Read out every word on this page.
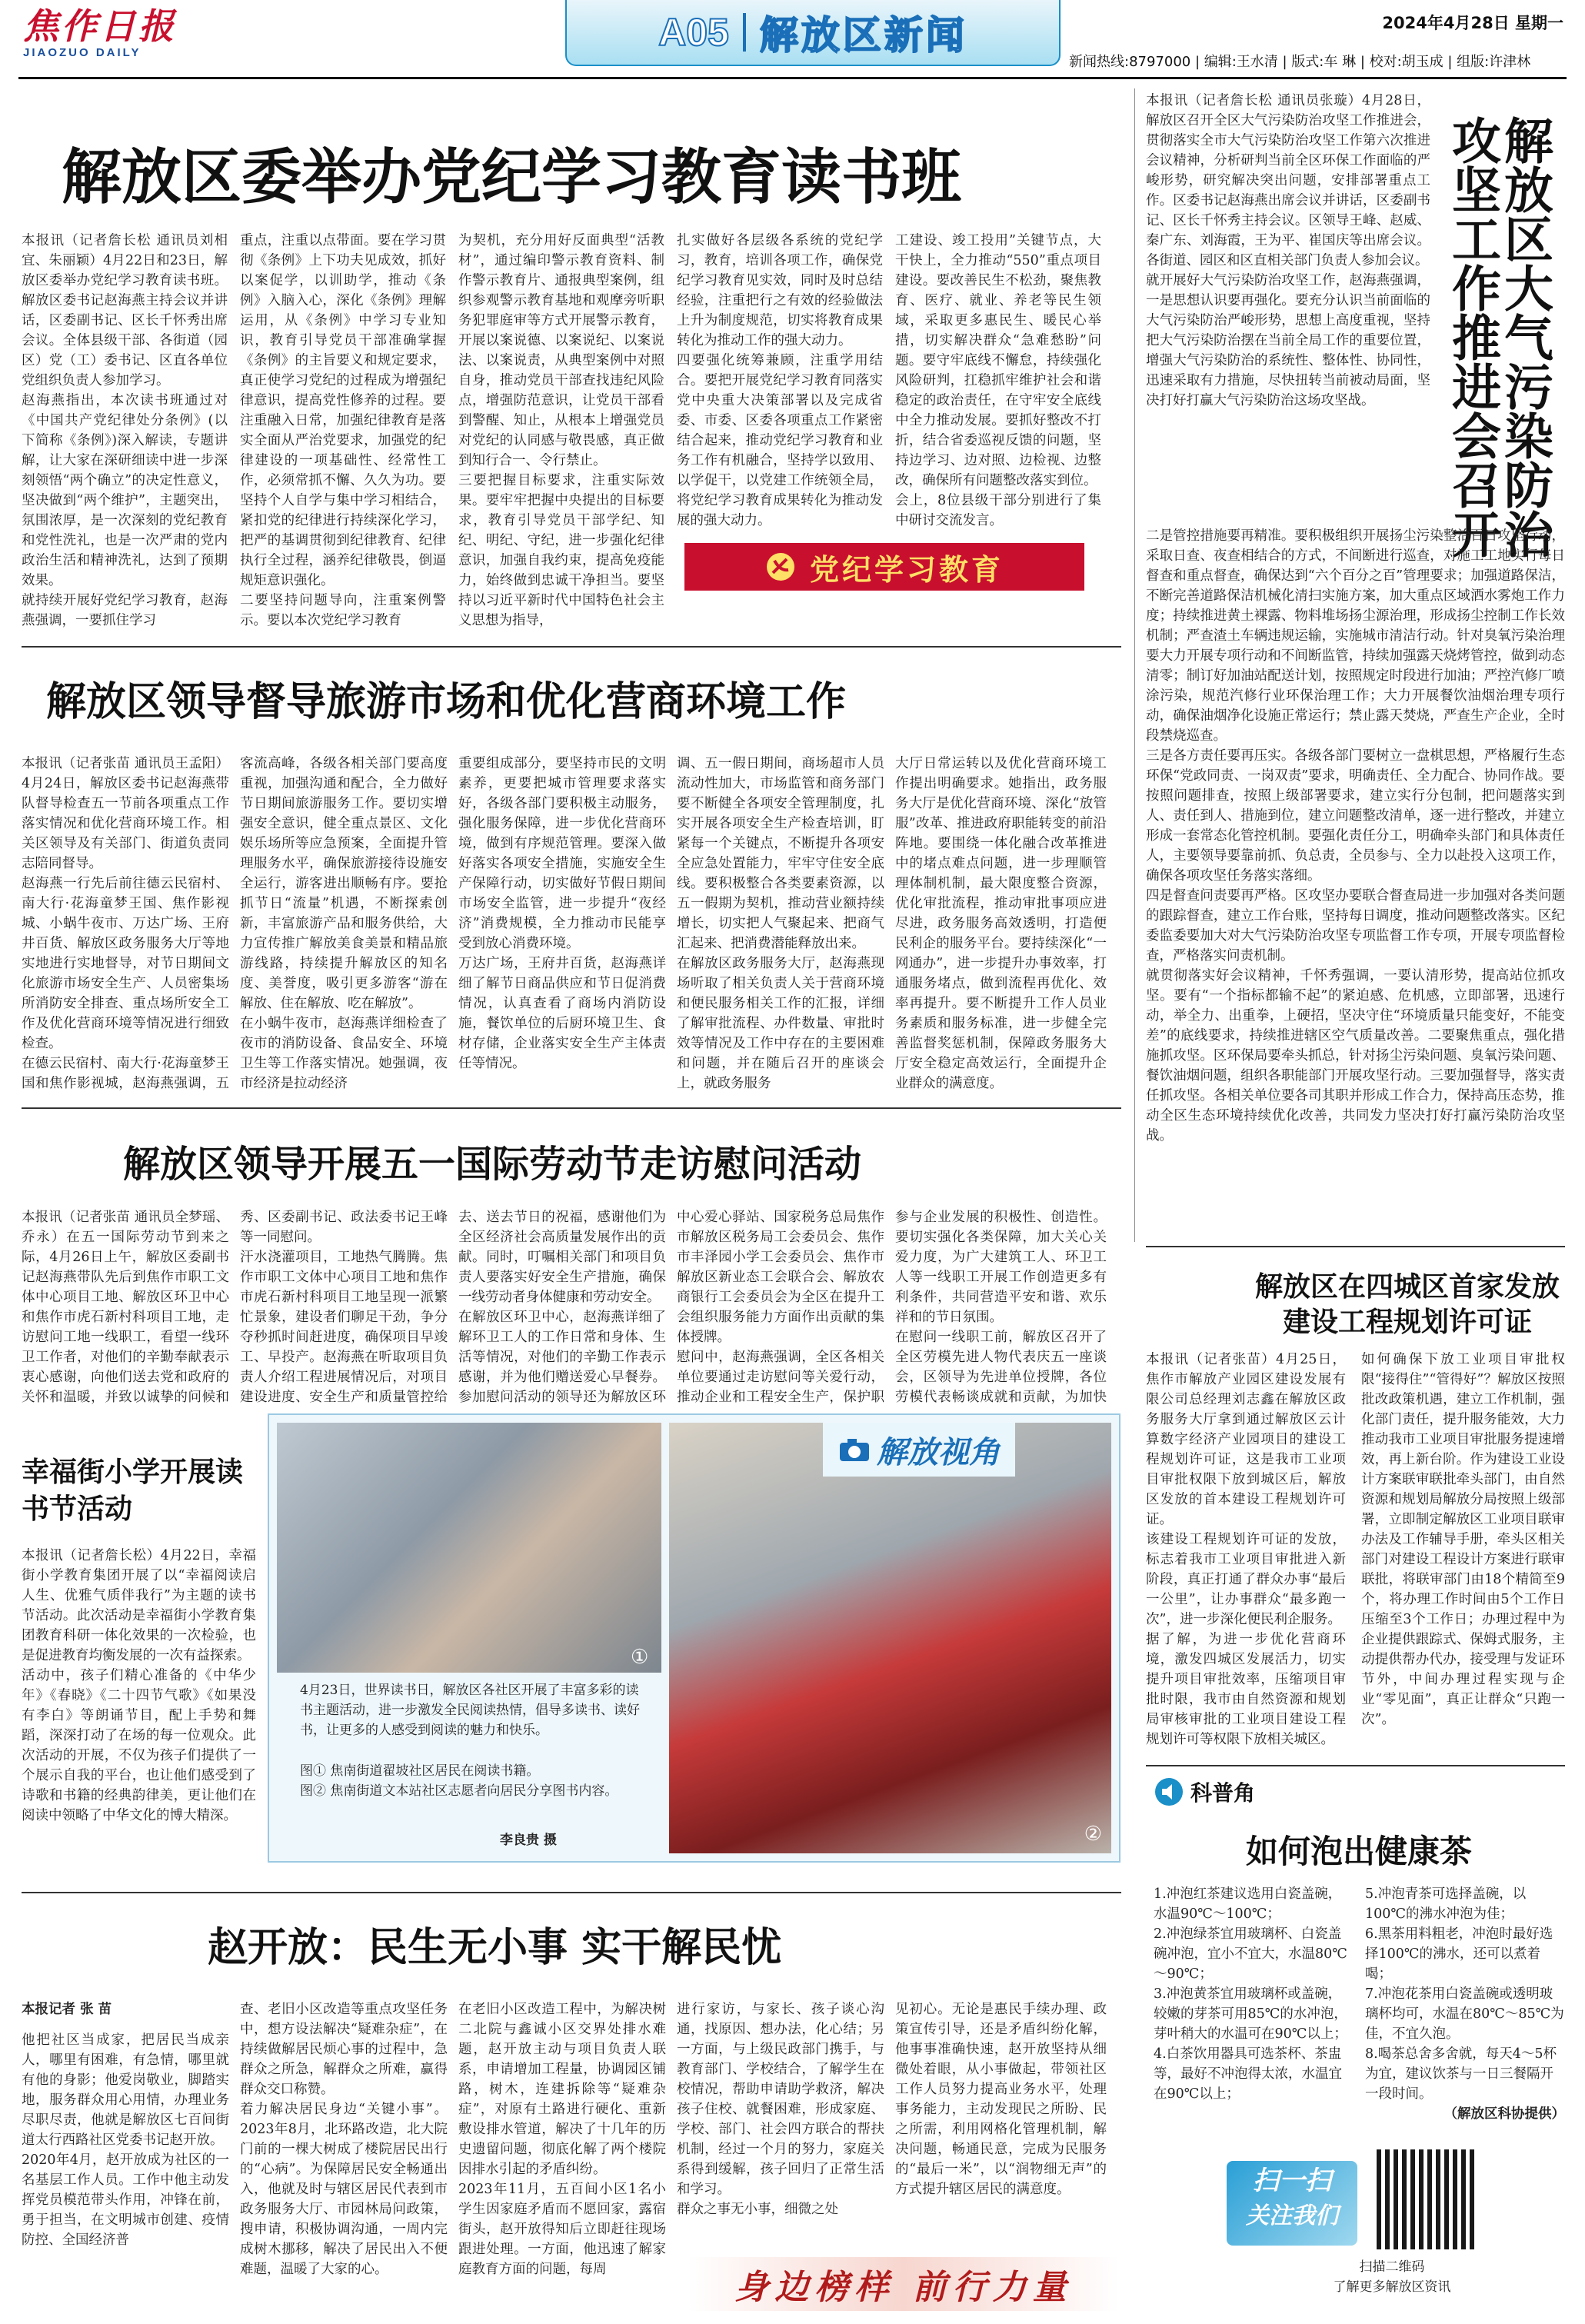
焦作日报
JIAOZUO DAILY	A05 解放区新闻	2024年4月28日 星期一
新闻热线:8797000 | 编辑:王水清 | 版式:车 琳 | 校对:胡玉成 | 组版:许津林
解放区委举办党纪学习教育读书班
本报讯（记者詹长松 通讯员刘相宜、朱丽颖）4月22日和23日，解放区委举办党纪学习教育读书班。解放区委书记赵海燕主持会议并讲话，区委副书记、区长千怀秀出席会议。全体县级干部、各街道（园区）党（工）委书记、区直各单位党组织负责人参加学习。
赵海燕指出，本次读书班通过对《中国共产党纪律处分条例》(以下简称《条例》)深入解读，专题讲解，让大家在深研细读中进一步深刻领悟“两个确立”的决定性意义，坚决做到“两个维护”，主题突出，氛围浓厚，是一次深刻的党纪教育和党性洗礼，也是一次严肃的党内政治生活和精神洗礼，达到了预期效果。
就持续开展好党纪学习教育，赵海燕强调，一要抓住学习
重点，注重以点带面。要在学习贯彻《条例》上下功夫见成效，抓好以案促学，以训助学，推动《条例》入脑入心，深化《条例》理解运用，从《条例》中学习专业知识，教育引导党员干部准确掌握《条例》的主旨要义和规定要求，真正使学习党纪的过程成为增强纪律意识，提高党性修养的过程。要注重融入日常，加强纪律教育是落实全面从严治党要求，加强党的纪律建设的一项基础性、经常性工作，必须常抓不懈、久久为功。要坚持个人自学与集中学习相结合，紧扣党的纪律进行持续深化学习，把严的基调贯彻到纪律教育、纪律执行全过程，涵养纪律敬畏，倒逼规矩意识强化。
二要坚持问题导向，注重案例警示。要以本次党纪学习教育
为契机，充分用好反面典型“活教材”，通过编印警示教育资料、制作警示教育片、通报典型案例，组织参观警示教育基地和观摩旁听职务犯罪庭审等方式开展警示教育，开展以案说德、以案说纪、以案说法、以案说责，从典型案例中对照自身，推动党员干部查找违纪风险点，增强防范意识，让党员干部看到警醒、知止，从根本上增强党员对党纪的认同感与敬畏感，真正做到知行合一、令行禁止。
三要把握目标要求，注重实际效果。要牢牢把握中央提出的目标要求，教育引导党员干部学纪、知纪、明纪、守纪，进一步强化纪律意识，加强自我约束，提高免疫能力，始终做到忠诚干净担当。要坚持以习近平新时代中国特色社会主义思想为指导，
扎实做好各层级各系统的党纪学习，教育，培训各项工作，确保党纪学习教育见实效，同时及时总结经验，注重把行之有效的经验做法上升为制度规范，切实将教育成果转化为推动工作的强大动力。
四要强化统筹兼顾，注重学用结合。要把开展党纪学习教育同落实党中央重大决策部署以及完成省委、市委、区委各项重点工作紧密结合起来，推动党纪学习教育和业务工作有机融合，坚持学以致用、以学促干，以党建工作统领全局，将党纪学习教育成果转化为推动发展的强大动力。
工建设、竣工投用”关键节点，大干快上，全力推动“550”重点项目建设。要改善民生不松劲，聚焦教育、医疗、就业、养老等民生领域，采取更多惠民生、暖民心举措，切实解决群众“急难愁盼”问题。要守牢底线不懈怠，持续强化风险研判，扛稳抓牢维护社会和谐稳定的政治责任，在守牢安全底线中全力推动发展。要抓好整改不打折，结合省委巡视反馈的问题，坚持边学习、边对照、边检视、边整改，确保所有问题整改落实到位。
会上，8位县级干部分别进行了集中研讨交流发言。
党纪学习教育
解放区大气污染防治攻坚工作推进会召开
本报讯（记者詹长松 通讯员张璇）4月28日，解放区召开全区大气污染防治攻坚工作推进会，贯彻落实全市大气污染防治攻坚工作第六次推进会议精神，分析研判当前全区环保工作面临的严峻形势，研究解决突出问题，安排部署重点工作。区委书记赵海燕出席会议并讲话，区委副书记、区长千怀秀主持会议。区领导王峰、赵威、秦广东、刘海霞，王为平、崔国庆等出席会议。各街道、园区和区直相关部门负责人参加会议。
就开展好大气污染防治攻坚工作，赵海燕强调，一是思想认识要再强化。要充分认识当前面临的大气污染防治严峻形势，思想上高度重视，坚持把大气污染防治摆在当前全局工作的重要位置，增强大气污染防治的系统性、整体性、协同性，迅速采取有力措施，尽快扭转当前被动局面，坚决打好打赢大气污染防治这场攻坚战。
二是管控措施要再精准。要积极组织开展扬尘污染整治百日攻坚行动，采取日查、夜查相结合的方式，不间断进行巡查，对施工工地实行每日督查和重点督查，确保达到“六个百分之百”管理要求；加强道路保洁，不断完善道路保洁机械化清扫实施方案，加大重点区域洒水雾炮工作力度；持续推进黄土裸露、物料堆场扬尘源治理，形成扬尘控制工作长效机制；严查渣土车辆违规运输，实施城市清洁行动。针对臭氧污染治理要大力开展专项行动和不间断监管，持续加强露天烧烤管控，做到动态清零；制订好加油站配送计划，按照规定时段进行加油；严控汽修厂喷涂污染，规范汽修行业环保治理工作；大力开展餐饮油烟治理专项行动，确保油烟净化设施正常运行；禁止露天焚烧，严查生产企业，全时段禁烧巡查。
三是各方责任要再压实。各级各部门要树立一盘棋思想，严格履行生态环保“党政同责、一岗双责”要求，明确责任、全力配合、协同作战。要按照问题排查，按照上级部署要求，建立实行分包制，把问题落实到人、责任到人、措施到位，建立问题整改清单，逐一进行整改，并建立形成一套常态化管控机制。要强化责任分工，明确牵头部门和具体责任人，主要领导要靠前抓、负总责，全员参与、全力以赴投入这项工作，确保各项攻坚任务落实落细。
四是督查问责要再严格。区攻坚办要联合督查局进一步加强对各类问题的跟踪督查，建立工作台账，坚持每日调度，推动问题整改落实。区纪委监委要加大对大气污染防治攻坚专项监督工作专项，开展专项监督检查，严格落实问责机制。
就贯彻落实好会议精神，千怀秀强调，一要认清形势，提高站位抓攻坚。要有“一个指标都输不起”的紧迫感、危机感，立即部署，迅速行动，举全力、出重拳，上硬招，坚决守住“环境质量只能变好，不能变差”的底线要求，持续推进辖区空气质量改善。二要聚焦重点，强化措施抓攻坚。区环保局要牵头抓总，针对扬尘污染问题、臭氧污染问题、餐饮油烟问题，组织各职能部门开展攻坚行动。三要加强督导，落实责任抓攻坚。各相关单位要各司其职并形成工作合力，保持高压态势，推动全区生态环境持续优化改善，共同发力坚决打好打赢污染防治攻坚战。
解放区领导督导旅游市场和优化营商环境工作
本报讯（记者张苗 通讯员王孟阳）4月24日，解放区委书记赵海燕带队督导检查五一节前各项重点工作落实情况和优化营商环境工作。相关区领导及有关部门、街道负责同志陪同督导。
赵海燕一行先后前往德云民宿村、南大行·花海童梦王国、焦作影视城、小蜗牛夜市、万达广场、王府井百货、解放区政务服务大厅等地实地进行实地督导，对节日期间文化旅游市场安全生产、人员密集场所消防安全排查、重点场所安全工作及优化营商环境等情况进行细致检查。
在德云民宿村、南大行·花海童梦王国和焦作影视城，赵海燕强调，五
客流高峰，各级各相关部门要高度重视，加强沟通和配合，全力做好节日期间旅游服务工作。要切实增强安全意识，健全重点景区、文化娱乐场所等应急预案，全面提升管理服务水平，确保旅游接待设施安全运行，游客进出顺畅有序。要抢抓节日“流量”机遇，不断探索创新，丰富旅游产品和服务供给，大力宣传推广解放美食美景和精品旅游线路，持续提升解放区的知名度、美誉度，吸引更多游客“游在解放、住在解放、吃在解放”。
在小蜗牛夜市，赵海燕详细检查了夜市的消防设备、食品安全、环境卫生等工作落实情况。她强调，夜市经济是拉动经济
重要组成部分，要坚持市民的文明素养，更要把城市管理要求落实好，各级各部门要积极主动服务，强化服务保障，进一步优化营商环境，做到有序规范管理。要深入做好落实各项安全措施，实施安全生产保障行动，切实做好节假日期间市场安全监管，进一步提升“夜经济”消费规模，全力推动市民能享受到放心消费环境。
万达广场，王府井百货，赵海燕详细了解节日商品供应和节日促消费情况，认真查看了商场内消防设施，餐饮单位的后厨环境卫生、食材存储，企业落实安全生产主体责任等情况。
调、五一假日期间，商场超市人员流动性加大，市场监管和商务部门要不断健全各项安全管理制度，扎实开展各项安全生产检查培训，盯紧每一个关键点，不断提升各项安全应急处置能力，牢牢守住安全底线。要积极整合各类要素资源，以五一假期为契机，推动营业额持续增长，切实把人气聚起来、把商气汇起来、把消费潜能释放出来。
在解放区政务服务大厅，赵海燕现场听取了相关负责人关于营商环境和便民服务相关工作的汇报，详细了解审批流程、办件数量、审批时效等情况及工作中存在的主要困难和问题，并在随后召开的座谈会上，就政务服务
大厅日常运转以及优化营商环境工作提出明确要求。她指出，政务服务大厅是优化营商环境、深化“放管服”改革、推进政府职能转变的前沿阵地。要围绕一体化融合改革推进中的堵点难点问题，进一步理顺管理体制机制，最大限度整合资源，优化审批流程，推动审批事项应进尽进，政务服务高效透明，打造便民利企的服务平台。要持续深化“一网通办”，进一步提升办事效率，打通服务堵点，做到流程再优化、效率再提升。要不断提升工作人员业务素质和服务标准，进一步健全完善监督奖惩机制，保障政务服务大厅安全稳定高效运行，全面提升企业群众的满意度。
解放区领导开展五一国际劳动节走访慰问活动
本报讯（记者张苗 通讯员全梦瑶、乔永）在五一国际劳动节到来之际，4月26日上午，解放区委副书记赵海燕带队先后到焦作市职工文体中心项目工地、解放区环卫中心和焦作市虎石新村科项目工地，走访慰问工地一线职工，看望一线环卫工作者，对他们的辛勤奉献表示衷心感谢，向他们送去党和政府的关怀和温暖，并致以诚挚的问候和
秀、区委副书记、政法委书记王峰等一同慰问。
汗水浇灌项目，工地热气腾腾。焦作市职工文体中心项目工地和焦作市虎石新村科项目工地呈现一派繁忙景象，建设者们聊足干劲，争分夺秒抓时间赶进度，确保项目早竣工、早投产。赵海燕在听取项目负责人介绍工程进展情况后，对项目建设进度、安全生产和质量管控给
去、送去节日的祝福，感谢他们为全区经济社会高质量发展作出的贡献。同时，叮嘱相关部门和项目负责人要落实好安全生产措施，确保一线劳动者身体健康和劳动安全。
在解放区环卫中心，赵海燕详细了解环卫工人的工作日常和身体、生活等情况，对他们的辛勤工作表示感谢，并为他们赠送爱心早餐券。参加慰问活动的领导还为解放区环
中心爱心驿站、国家税务总局焦作市解放区税务局工会委员会、焦作市丰泽园小学工会委员会、焦作市解放区新业态工会联合会、解放农商银行工会委员会为全区在提升工会组织服务能力方面作出贡献的集体授牌。
慰问中，赵海燕强调，全区各相关单位要通过走访慰问等关爱行动，推动企业和工程安全生产，保护职
参与企业发展的积极性、创造性。要切实强化各类保障，加大关心关爱力度，为广大建筑工人、环卫工人等一线职工开展工作创造更多有利条件，共同营造平安和谐、欢乐祥和的节日氛围。
在慰问一线职工前，解放区召开了全区劳模先进人物代表庆五一座谈会，区领导为先进单位授牌，各位劳模代表畅谈成就和贡献，为加快
解放区在四城区首家发放建设工程规划许可证
本报讯（记者张苗）4月25日，焦作市解放产业园区建设发展有限公司总经理刘志鑫在解放区政务服务大厅拿到通过解放区云计算数字经济产业园项目的建设工程规划许可证，这是我市工业项目审批权限下放到城区后，解放区发放的首本建设工程规划许可证。
该建设工程规划许可证的发放，标志着我市工业项目审批进入新阶段，真正打通了群众办事“最后一公里”，让办事群众“最多跑一次”，进一步深化便民利企服务。
据了解，为进一步优化营商环境，激发四城区发展活力，切实提升项目审批效率，压缩项目审批时限，我市由自然资源和规划局审核审批的工业项目建设工程规划许可等权限下放相关城区。
如何确保下放工业项目审批权限“接得住”“管得好”？解放区按照批改政策机遇，建立工作机制，强化部门责任，提升服务能效，大力推动我市工业项目审批服务提速增效，再上新台阶。作为建设工业设计方案联审联批牵头部门，由自然资源和规划局解放分局按照上级部署，立即制定解放区工业项目联审办法及工作辅导手册，牵头区相关部门对建设工程设计方案进行联审联批，将联审部门由18个精简至9个，将办理工作时间由5个工作日压缩至3个工作日；办理过程中为企业提供跟踪式、保姆式服务，主动提供帮办代办，接受理与发证环节外，中间办理过程实现与企业“零见面”，真正让群众“只跑一次”。
幸福街小学开展读书节活动
本报讯（记者詹长松）4月22日，幸福街小学教育集团开展了以“幸福阅读启人生、优雅气质伴我行”为主题的读书节活动。此次活动是幸福街小学教育集团教育科研一体化效果的一次检验，也是促进教育均衡发展的一次有益探索。
活动中，孩子们精心准备的《中华少年》《春晓》《二十四节气歌》《如果没有李白》等朗诵节目，配上手势和舞蹈，深深打动了在场的每一位观众。此次活动的开展，不仅为孩子们提供了一个展示自我的平台，也让他们感受到了诗歌和书籍的经典韵律美，更让他们在阅读中领略了中华文化的博大精深。
②
①
解放视角
4月23日，世界读书日，解放区各社区开展了丰富多彩的读书主题活动，进一步激发全民阅读热情，倡导多读书、读好书，让更多的人感受到阅读的魅力和快乐。
图① 焦南街道翟坡社区居民在阅读书籍。
图② 焦南街道文本站社区志愿者向居民分享图书内容。
李良贵 摄
赵开放：民生无小事 实干解民忧
本报记者 张 苗
他把社区当成家，把居民当成亲人，哪里有困难，有急情，哪里就有他的身影；他爱岗敬业，脚踏实地，服务群众用心用情，办理业务尽职尽责，他就是解放区七百间街道太行西路社区党委书记赵开放。
2020年4月，赵开放成为社区的一名基层工作人员。工作中他主动发挥党员模范带头作用，冲锋在前，勇于担当，在文明城市创建、疫情防控、全国经济普
查、老旧小区改造等重点攻坚任务中，想方设法解决“疑难杂症”，在持续做解居民烦心事的过程中，急群众之所急，解群众之所难，赢得群众交口称赞。
着力解决居民身边“关键小事”。2023年8月，北环路改造，北大院门前的一棵大树成了楼院居民出行的“心病”。为保障居民安全畅通出入，他就及时与辖区居民代表到市政务服务大厅、市园林局问政策，搜申请，积极协调沟通，一周内完成树木挪移，解决了居民出入不便难题，温暖了大家的心。
在老旧小区改造工程中，为解决树二北院与鑫诚小区交界处排水难题，赵开放主动与项目负责人联系，申请增加工程量，协调园区铺路，树木，连建拆除等“疑难杂症”，对原有土路进行硬化、重新敷设排水管道，解决了十几年的历史遗留问题，彻底化解了两个楼院因排水引起的矛盾纠纷。
2023年11月，五百间小区1名小学生因家庭矛盾而不愿回家，露宿街头，赵开放得知后立即赶往现场跟进处理。一方面，他迅速了解家庭教育方面的问题，每周
进行家访，与家长、孩子谈心沟通，找原因、想办法，化心结；另一方面，与上级民政部门携手，与教育部门、学校结合，了解学生在校情况，帮助申请助学救济，解决孩子住校、就餐困难，形成家庭、学校、部门、社会四方联合的帮扶机制，经过一个月的努力，家庭关系得到缓解，孩子回归了正常生活和学习。
群众之事无小事，细微之处
见初心。无论是惠民手续办理、政策宣传引导，还是矛盾纠纷化解，他事事准确快速，赵开放坚持从细微处着眼，从小事做起，带领社区工作人员努力提高业务水平，处理事务能力，主动发现民之所盼、民之所需，利用网格化管理机制，解决问题，畅通民意，完成为民服务的“最后一米”，以“润物细无声”的方式提升辖区居民的满意度。
身边榜样 前行力量
科普角
如何泡出健康茶
1.冲泡红茶建议选用白瓷盖碗，水温90℃～100℃；
2.冲泡绿茶宜用玻璃杯、白瓷盖碗冲泡，宜小不宜大，水温80℃～90℃；
3.冲泡黄茶宜用玻璃杯或盖碗，较嫩的芽茶可用85℃的水冲泡，芽叶稍大的水温可在90℃以上；
4.白茶饮用器具可选茶杯、茶盅等，最好不冲泡得太浓，水温宜在90℃以上；
5.冲泡青茶可选择盖碗，以100℃的沸水冲泡为佳；
6.黑茶用料粗老，冲泡时最好选择100℃的沸水，还可以煮着喝；
7.冲泡花茶用白瓷盖碗或透明玻璃杯均可，水温在80℃～85℃为佳，不宜久泡。
8.喝茶总舍多舍就，每天4～5杯为宜，建议饮茶与一日三餐隔开一段时间。
（解放区科协提供）
扫一扫
关注我们
扫描二维码
了解更多解放区资讯
